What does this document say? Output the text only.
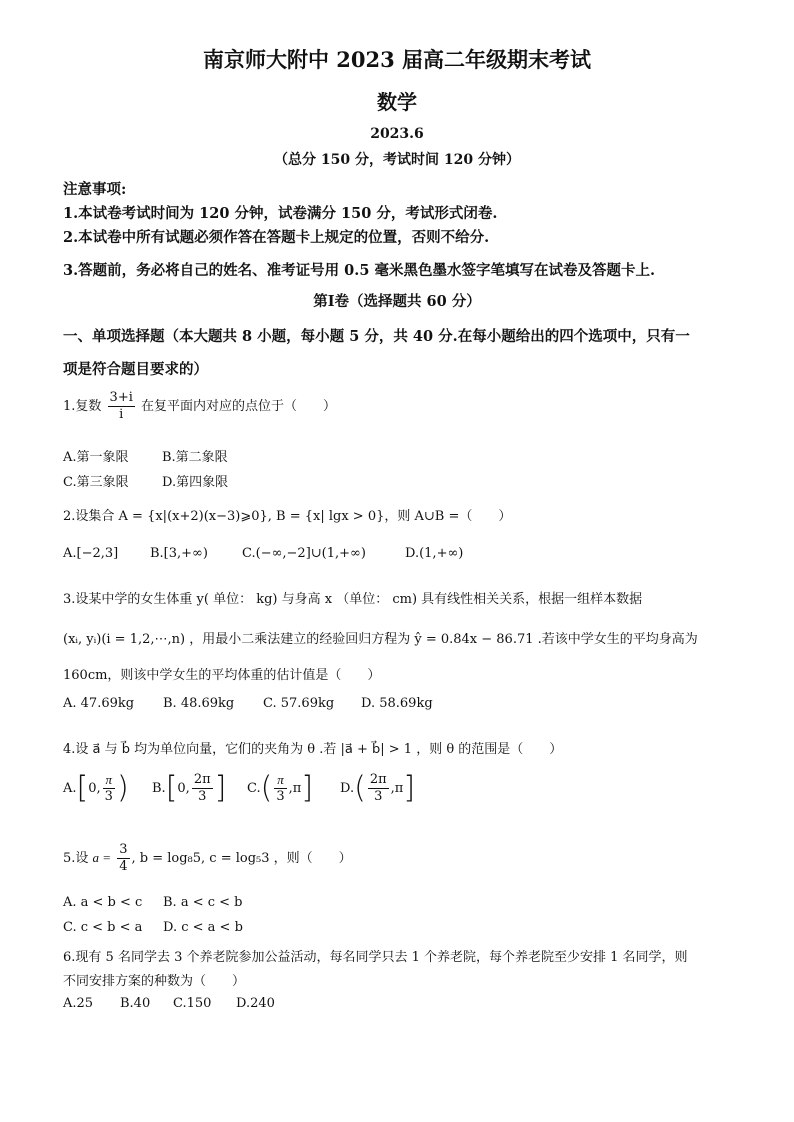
南京师大附中 2023 届高二年级期末考试
数学
2023.6
（总分 150 分，考试时间 120 分钟）
注意事项:
1.本试卷考试时间为 120 分钟，试卷满分 150 分，考试形式闭卷.
2.本试卷中所有试题必须作答在答题卡上规定的位置，否则不给分.
3.答题前，务必将自己的姓名、准考证号用 0.5 毫米黑色墨水签字笔填写在试卷及答题卡上.
第Ⅰ卷（选择题共 60 分）
一、单项选择题（本大题共 8 小题，每小题 5 分，共 40 分.在每小题给出的四个选项中，只有一
项是符合题目要求的）
1.复数 $\frac{3+i}{i}$ 在复平面内对应的点位于（　　）
A.第一象限	B.第二象限
C.第三象限	D.第四象限
2.设集合 A = {x|(x+2)(x−3)⩾0}, B = {x| lgx > 0}，则 A∪B =（　　）
A.[−2,3] B.[3,+∞)	C.(−∞,−2]∪(1,+∞)	D.(1,+∞)
3.设某中学的女生体重 y( 单位： kg) 与身高 x （单位： cm) 具有线性相关关系，根据一组样本数据
(xᵢ, yᵢ)(i = 1,2,⋯,n) ，用最小二乘法建立的经验回归方程为 ŷ = 0.84x − 86.71 .若该中学女生的平均身高为
160cm，则该中学女生的平均体重的估计值是（　　）
A. 47.69kg B. 48.69kg C. 57.69kg D. 58.69kg
4.设 a⃗ 与 b⃗ 均为单位向量，它们的夹角为 θ .若 |a⃗ + b⃗| > 1 ，则 θ 的范围是（　　）
A.[0, $\frac{\pi}{3}$ ) B.[0, $\frac{2\pi}{3}$ ] $C.( \frac{\pi}{3} ,\pi]$ $D.( \frac{2\pi}{3} ,\pi]$
5.设 $a = \frac{3}{4}$ , b = log₈5, c = log₅3 ，则（　　）
A. a < b < c B. a < c < b
C. c < b < a D. c < a < b
6.现有 5 名同学去 3 个养老院参加公益活动，每名同学只去 1 个养老院，每个养老院至少安排 1 名同学，则
不同安排方案的种数为（　　）
A.25 B.40 C.150 D.240
